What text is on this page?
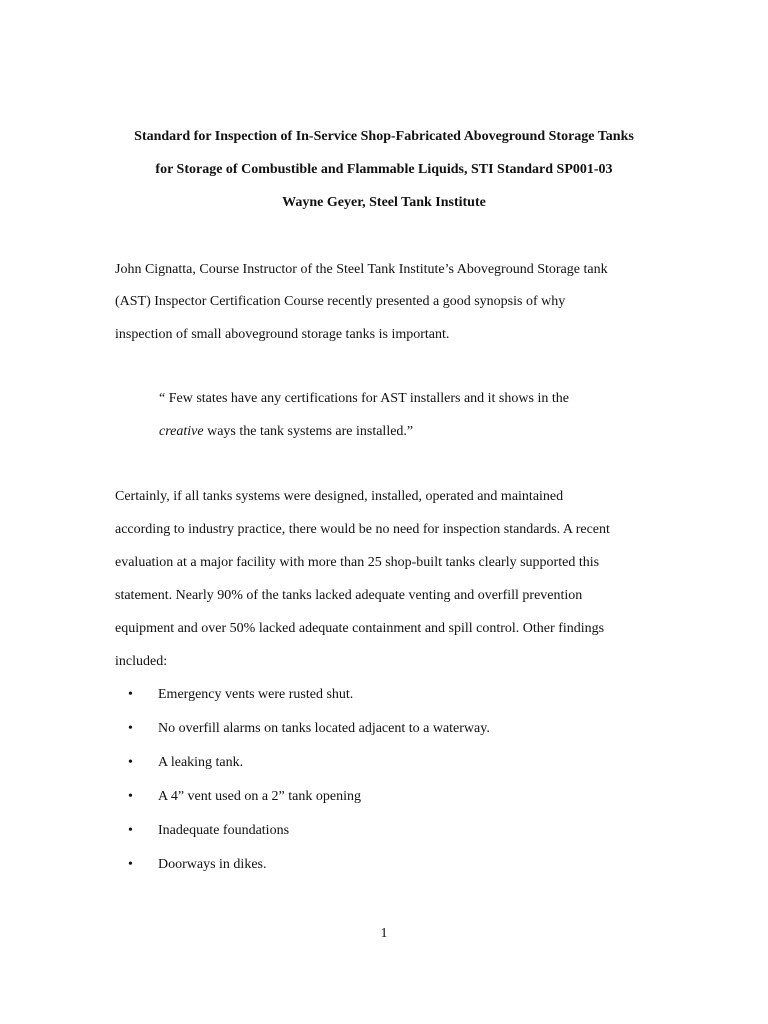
Standard for Inspection of In-Service Shop-Fabricated Aboveground Storage Tanks
for Storage of Combustible and Flammable Liquids, STI Standard SP001-03
Wayne Geyer, Steel Tank Institute
John Cignatta, Course Instructor of the Steel Tank Institute’s Aboveground Storage tank
(AST) Inspector Certification Course recently presented a good synopsis of why
inspection of small aboveground storage tanks is important.
“ Few states have any certifications for AST installers and it shows in the
creative ways the tank systems are installed.”
Certainly, if all tanks systems were designed, installed, operated and maintained
according to industry practice, there would be no need for inspection standards. A recent
evaluation at a major facility with more than 25 shop-built tanks clearly supported this
statement. Nearly 90% of the tanks lacked adequate venting and overfill prevention
equipment and over 50% lacked adequate containment and spill control. Other findings
included:
• Emergency vents were rusted shut.
• No overfill alarms on tanks located adjacent to a waterway.
• A leaking tank.
• A 4” vent used on a 2” tank opening
• Inadequate foundations
• Doorways in dikes.
1
